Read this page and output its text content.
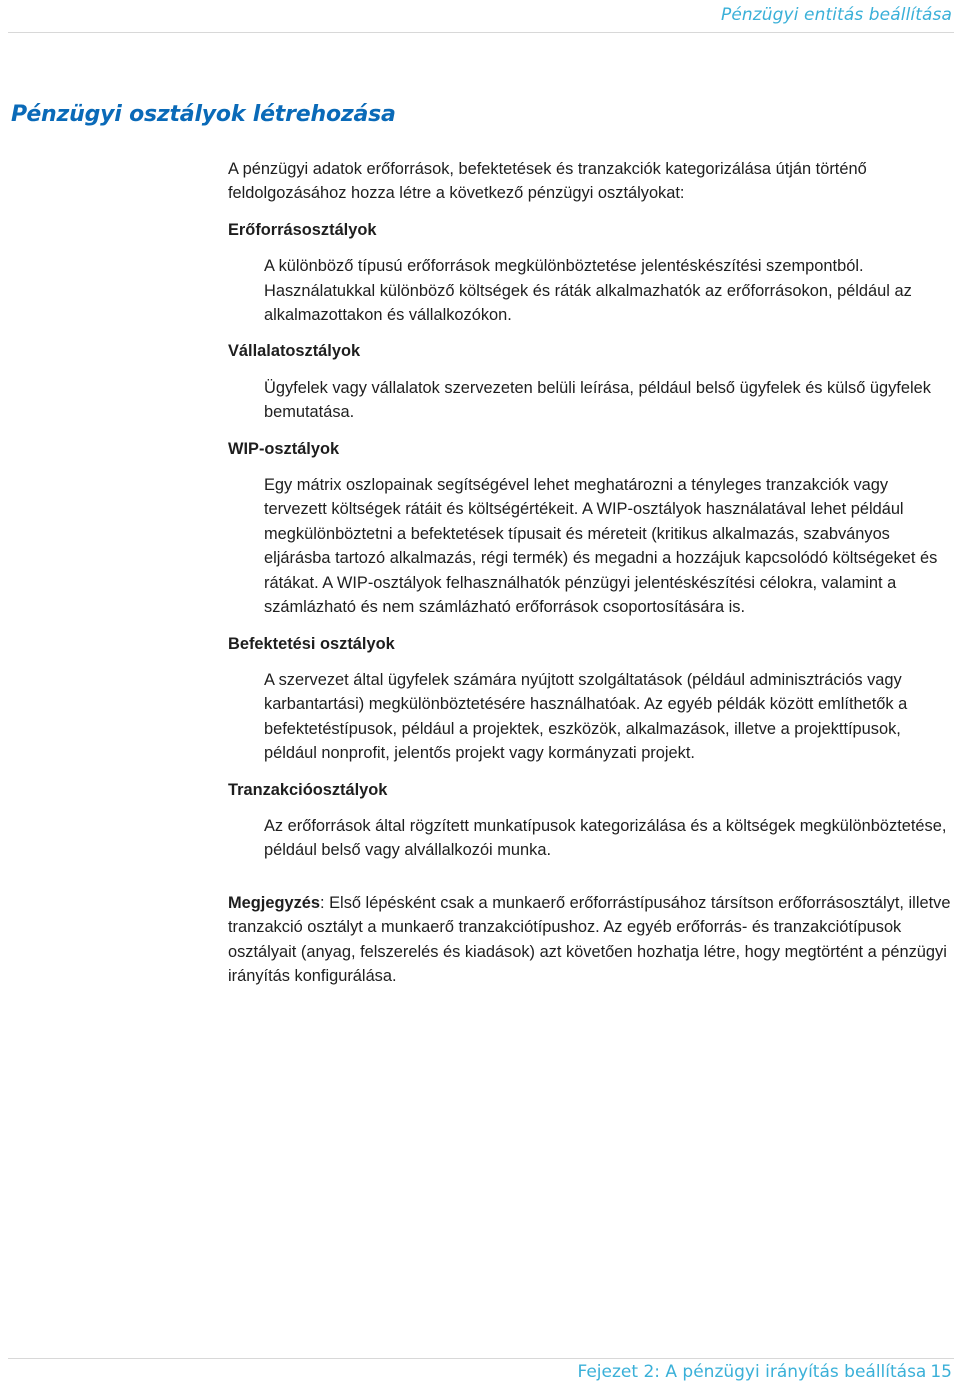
Pénzügyi entitás beállítása
Pénzügyi osztályok létrehozása

A pénzügyi adatok erőforrások, befektetések és tranzakciók kategorizálása útján történő feldolgozásához hozza létre a következő pénzügyi osztályokat:

Erőforrásosztályok

A különböző típusú erőforrások megkülönböztetése jelentéskészítési szempontból. Használatukkal különböző költségek és ráták alkalmazhatók az erőforrásokon, például az alkalmazottakon és vállalkozókon.

Vállalatosztályok

Ügyfelek vagy vállalatok szervezeten belüli leírása, például belső ügyfelek és külső ügyfelek bemutatása.

WIP-osztályok

Egy mátrix oszlopainak segítségével lehet meghatározni a tényleges tranzakciók vagy tervezett költségek rátáit és költségértékeit. A WIP-osztályok használatával lehet például megkülönböztetni a befektetések típusait és méreteit (kritikus alkalmazás, szabványos eljárásba tartozó alkalmazás, régi termék) és megadni a hozzájuk kapcsolódó költségeket és rátákat. A WIP-osztályok felhasználhatók pénzügyi jelentéskészítési célokra, valamint a számlázható és nem számlázható erőforrások csoportosítására is.

Befektetési osztályok

A szervezet által ügyfelek számára nyújtott szolgáltatások (például adminisztrációs vagy karbantartási) megkülönböztetésére használhatóak. Az egyéb példák között említhetők a befektetéstípusok, például a projektek, eszközök, alkalmazások, illetve a projekttípusok, például nonprofit, jelentős projekt vagy kormányzati projekt.

Tranzakcióosztályok

Az erőforrások által rögzített munkatípusok kategorizálása és a költségek megkülönböztetése, például belső vagy alvállalkozói munka.

Megjegyzés: Első lépésként csak a munkaerő erőforrástípusához társítson erőforrásosztályt, illetve tranzakció osztályt a munkaerő tranzakciótípushoz. Az egyéb erőforrás- és tranzakciótípusok osztályait (anyag, felszerelés és kiadások) azt követően hozhatja létre, hogy megtörtént a pénzügyi irányítás konfigurálása.

Fejezet 2: A pénzügyi irányítás beállítása 15
